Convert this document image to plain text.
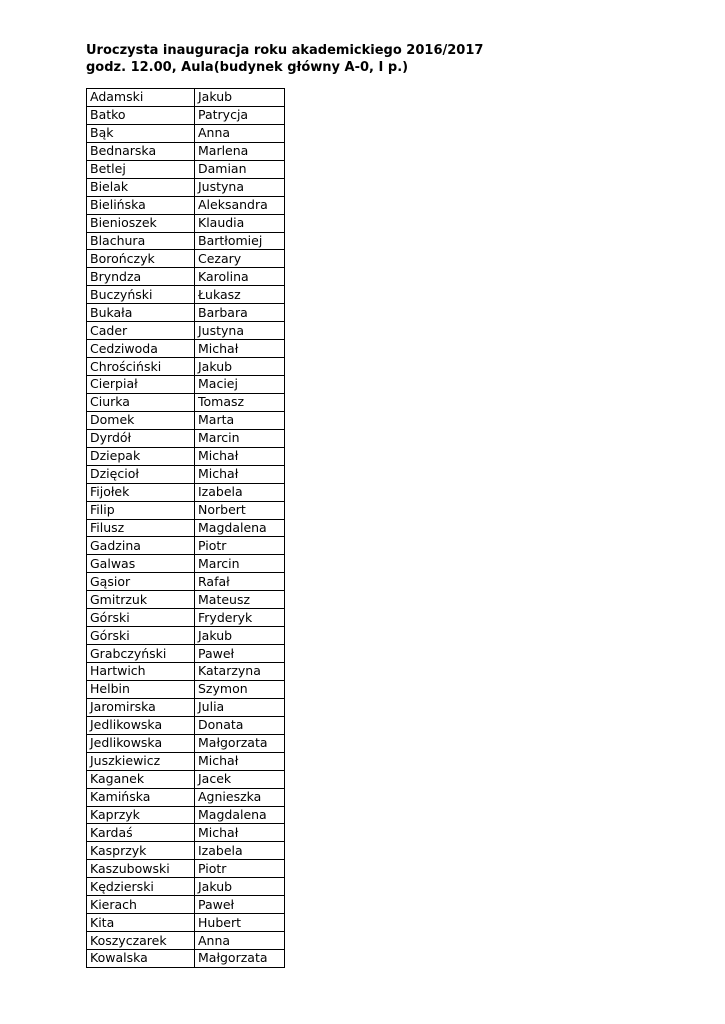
Uroczysta inauguracja roku akademickiego 2016/2017
godz. 12.00, Aula(budynek główny A-0, I p.)
Adamski	Jakub
Batko	Patrycja
Bąk	Anna
Bednarska	Marlena
Betlej	Damian
Bielak	Justyna
Bielińska	Aleksandra
Bienioszek	Klaudia
Blachura	Bartłomiej
Borończyk	Cezary
Bryndza	Karolina
Buczyński	Łukasz
Bukała	Barbara
Cader	Justyna
Cedziwoda	Michał
Chrościński	Jakub
Cierpiał	Maciej
Ciurka	Tomasz
Domek	Marta
Dyrdół	Marcin
Dziepak	Michał
Dzięcioł	Michał
Fijołek	Izabela
Filip	Norbert
Filusz	Magdalena
Gadzina	Piotr
Galwas	Marcin
Gąsior	Rafał
Gmitrzuk	Mateusz
Górski	Fryderyk
Górski	Jakub
Grabczyński	Paweł
Hartwich	Katarzyna
Helbin	Szymon
Jaromirska	Julia
Jedlikowska	Donata
Jedlikowska	Małgorzata
Juszkiewicz	Michał
Kaganek	Jacek
Kamińska	Agnieszka
Kaprzyk	Magdalena
Kardaś	Michał
Kasprzyk	Izabela
Kaszubowski	Piotr
Kędzierski	Jakub
Kierach	Paweł
Kita	Hubert
Koszyczarek	Anna
Kowalska	Małgorzata
